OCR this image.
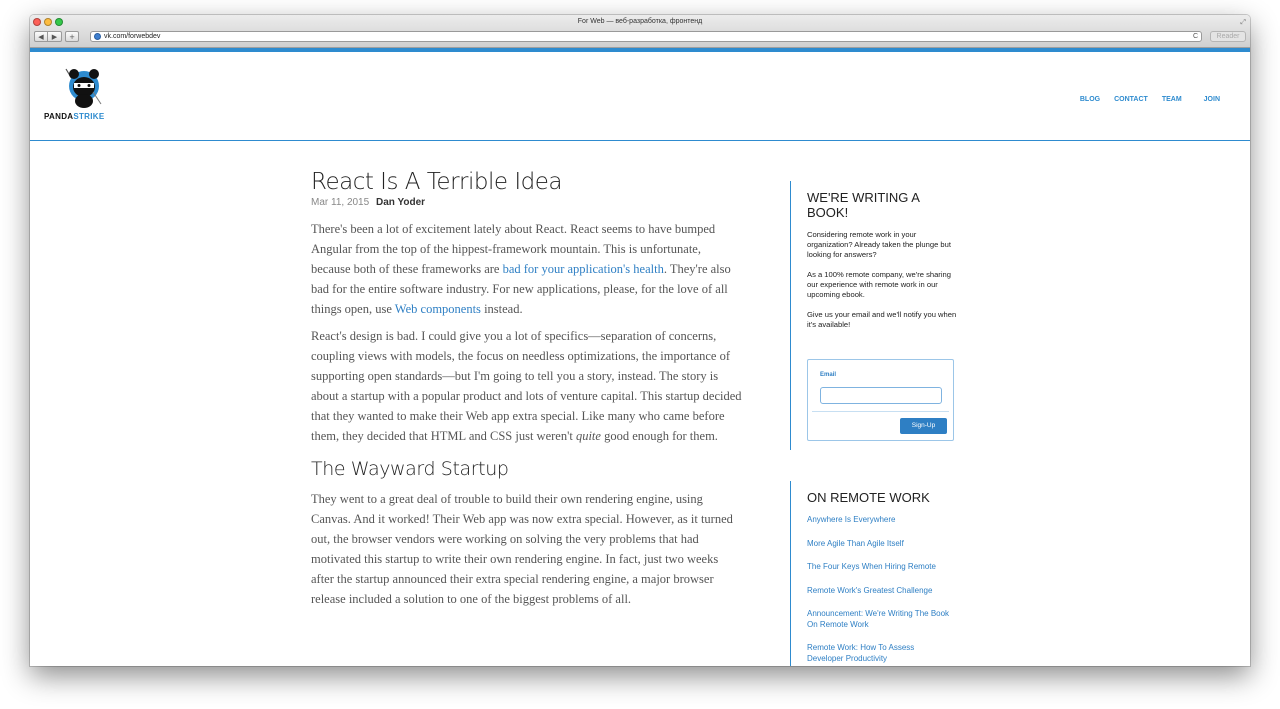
For Web — веб-разработка, фронтенд	⤢
◀	▶	+	vk.com/forwebdev	C	Reader
PANDASTRIKE
BLOG CONTACT TEAM	JOIN
React Is A Terrible Idea
Mar 11, 2015 Dan Yoder

There's been a lot of excitement lately about React. React seems to have bumped Angular from the top of the hippest-framework mountain. This is unfortunate, because both of these frameworks are bad for your application's health. They're also bad for the entire software industry. For new applications, please, for the love of all things open, use Web components instead.

React's design is bad. I could give you a lot of specifics—separation of concerns, coupling views with models, the focus on needless optimizations, the importance of supporting open standards—but I'm going to tell you a story, instead. The story is about a startup with a popular product and lots of venture capital. This startup decided that they wanted to make their Web app extra special. Like many who came before them, they decided that HTML and CSS just weren't quite good enough for them.

The Wayward Startup

They went to a great deal of trouble to build their own rendering engine, using Canvas. And it worked! Their Web app was now extra special. However, as it turned out, the browser vendors were working on solving the very problems that had motivated this startup to write their own rendering engine. In fact, just two weeks after the startup announced their extra special rendering engine, a major browser release included a solution to one of the biggest problems of all.

WE'RE WRITING A BOOK!

Considering remote work in your organization? Already taken the plunge but looking for answers?

As a 100% remote company, we're sharing our experience with remote work in our upcoming ebook.

Give us your email and we'll notify you when it's available!

Email
Sign-Up
ON REMOTE WORK
Anywhere Is Everywhere
More Agile Than Agile Itself
The Four Keys When Hiring Remote
Remote Work's Greatest Challenge
Announcement: We're Writing The Book On Remote Work
Remote Work: How To Assess Developer Productivity
